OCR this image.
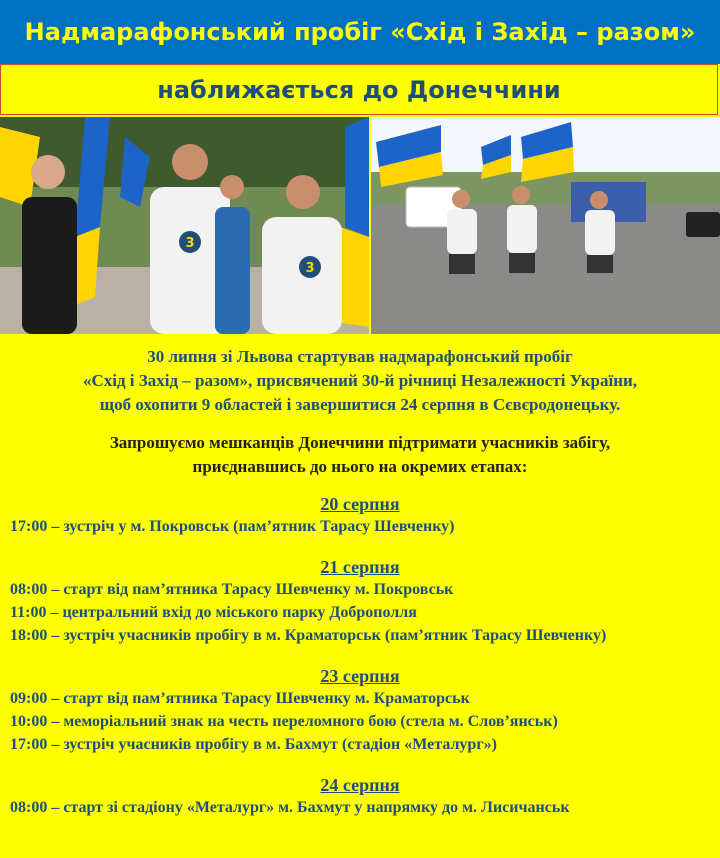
Надмарафонський пробіг «Схід і Захід – разом»
наближається до Донеччини
3
3
30 липня зі Львова стартував надмарафонський пробіг
«Схід і Захід – разом», присвячений 30-й річниці Незалежності України,
щоб охопити 9 областей і завершитися 24 серпня в Сєвєродонецьку.
Запрошуємо мешканців Донеччини підтримати учасників забігу,
приєднавшись до нього на окремих етапах:
20 серпня
17:00 – зустріч у м. Покровськ (пам’ятник Тарасу Шевченку)
21 серпня
08:00 – старт від пам’ятника Тарасу Шевченку м. Покровськ
11:00 – центральний вхід до міського парку Доброполля
18:00 – зустріч учасників пробігу в м. Краматорськ (пам’ятник Тарасу Шевченку)
23 серпня
09:00 – старт від пам’ятника Тарасу Шевченку м. Краматорськ
10:00 – меморіальний знак на честь переломного бою (стела м. Слов’янськ)
17:00 – зустріч учасників пробігу в м. Бахмут (стадіон «Металург»)
24 серпня
08:00 – старт зі стадіону «Металург» м. Бахмут у напрямку до м. Лисичанськ
